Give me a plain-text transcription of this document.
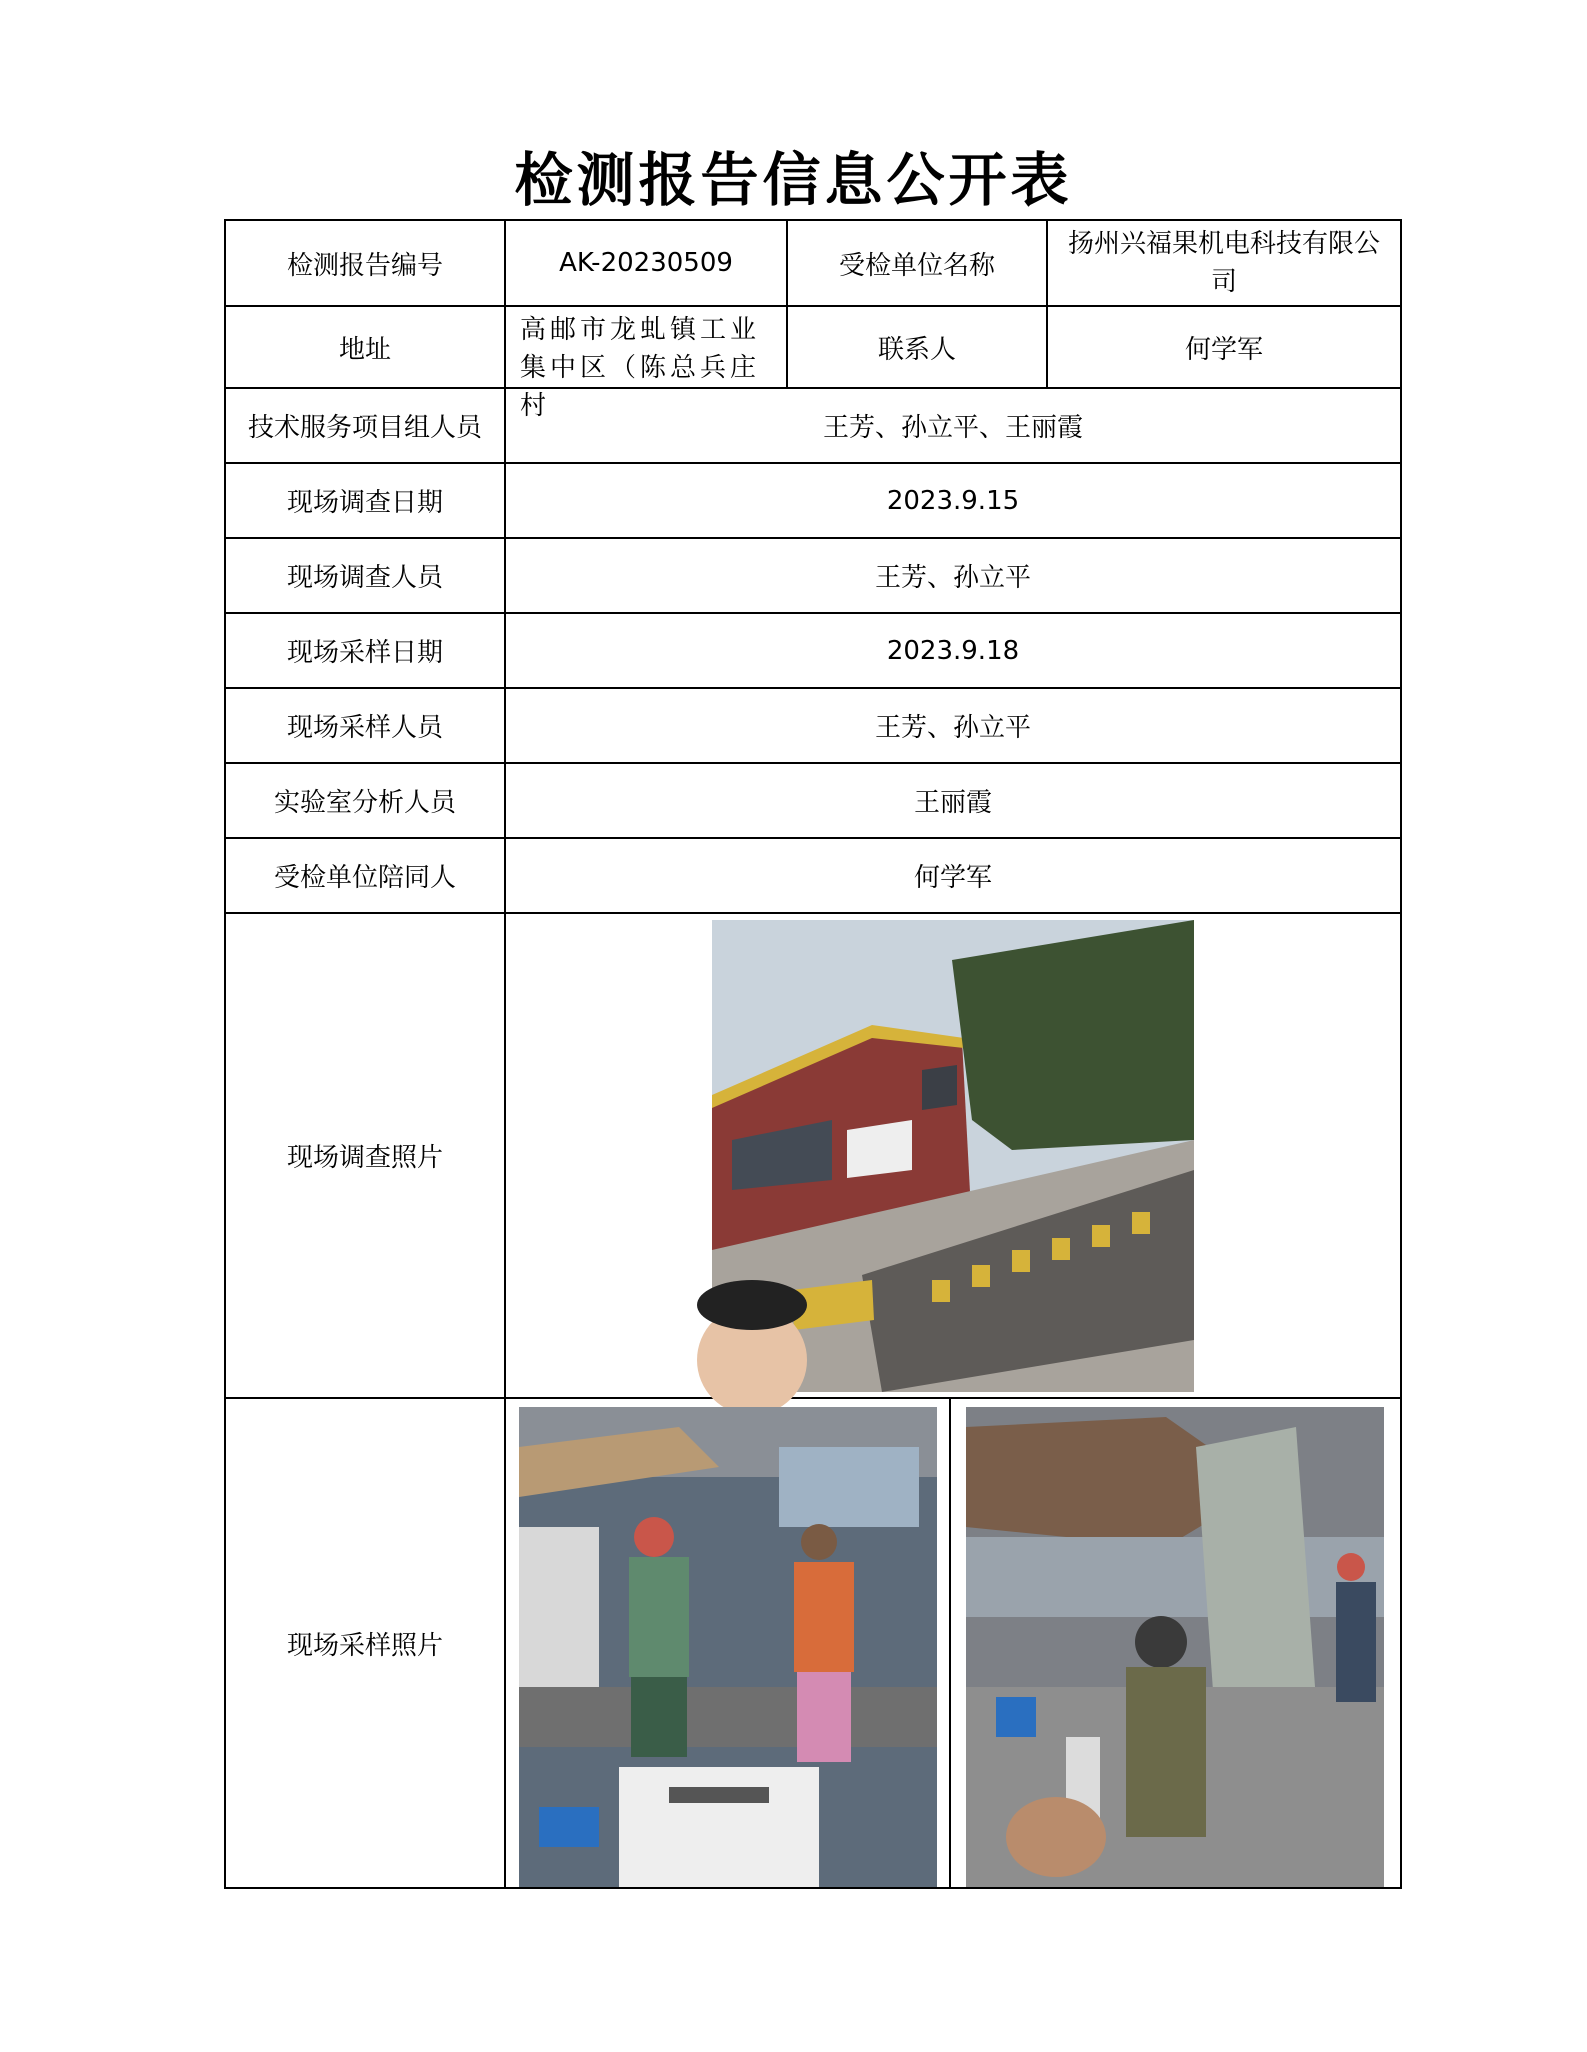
检测报告信息公开表
检测报告编号	AK-20230509	受检单位名称	扬州兴福果机电科技有限公司

地址	高邮市龙虬镇工业集中区（陈总兵庄村	联系人	何学军
技术服务项目组人员	王芳、孙立平、王丽霞		
现场调查日期	2023.9.15		
现场调查人员	王芳、孙立平		
现场采样日期	2023.9.18		
现场采样人员	王芳、孙立平		
实验室分析人员	王丽霞		
受检单位陪同人	何学军		
现场调查照片	

现场采样照片	
